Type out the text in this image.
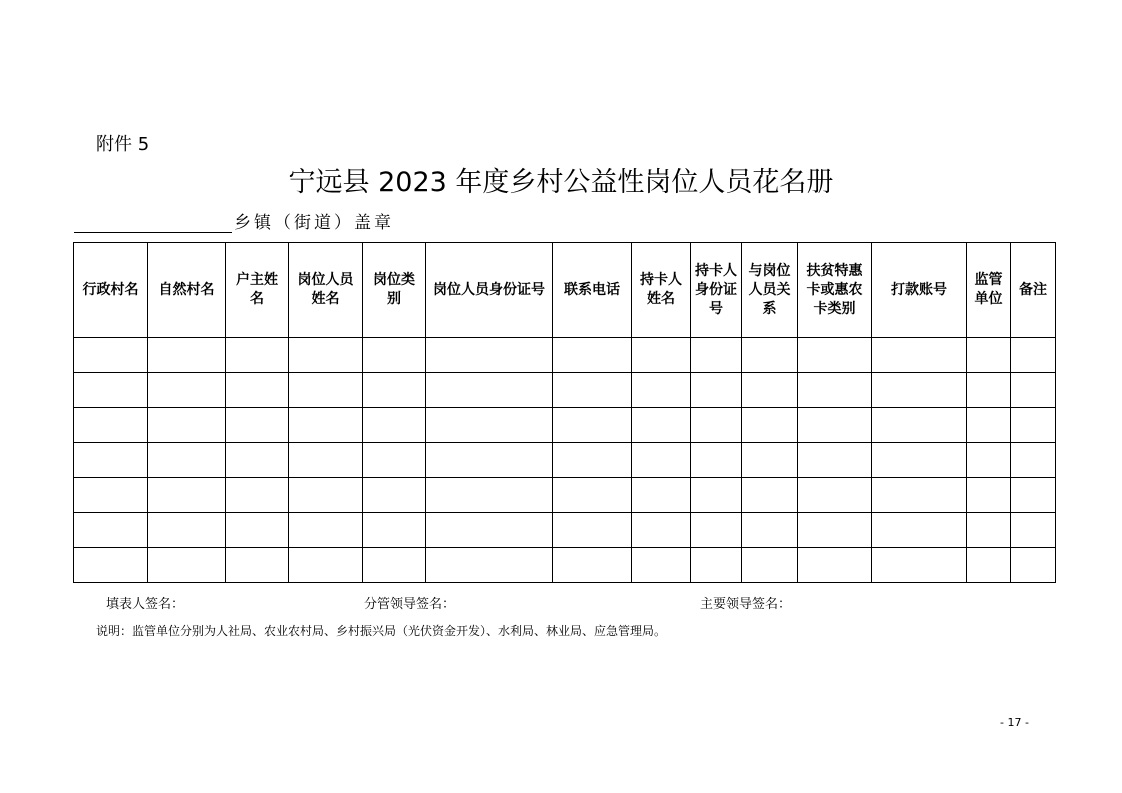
附件 5
宁远县 2023 年度乡村公益性岗位人员花名册
乡镇（街道）盖章
行政村名	自然村名	户主姓名	岗位人员姓名	岗位类别	岗位人员身份证号	联系电话	持卡人姓名	持卡人身份证号	与岗位人员关系	扶贫特惠卡或惠农卡类别	打款账号	监管单位	备注

填表人签名：	分管领导签名：	主要领导签名：
说明：监管单位分别为人社局、农业农村局、乡村振兴局（光伏资金开发）、水利局、林业局、应急管理局。
- 17 -
